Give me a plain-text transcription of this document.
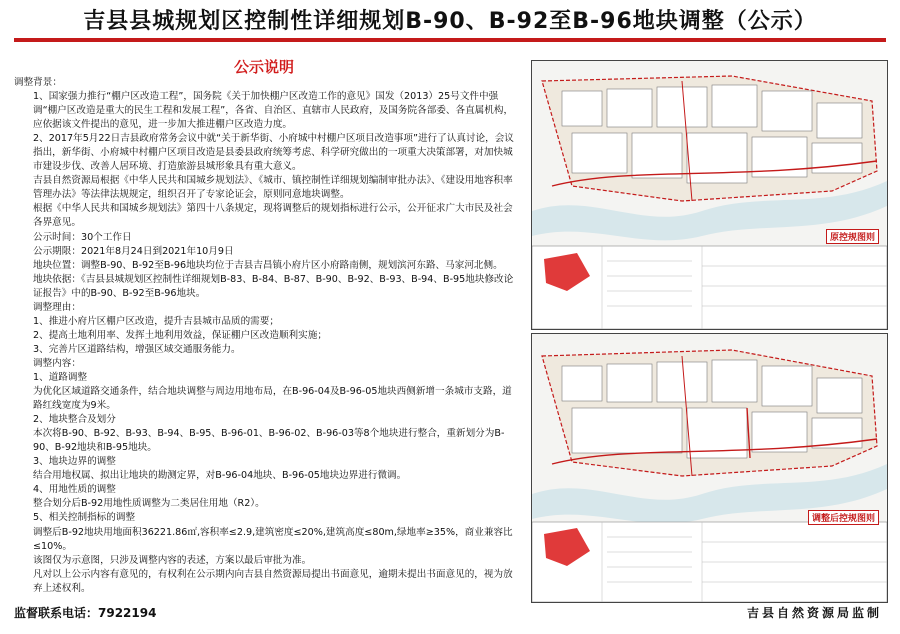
吉县县城规划区控制性详细规划B-90、B-92至B-96地块调整（公示）
公示说明
调整背景：
1、国家强力推行“棚户区改造工程”，国务院《关于加快棚户区改造工作的意见》国发（2013）25号文件中强调“棚户区改造是重大的民生工程和发展工程”，各省、自治区、直辖市人民政府，及国务院各部委、各直属机构，应依据该文件提出的意见，进一步加大推进棚户区改造力度。
2、2017年5月22日吉县政府常务会议中就“关于新华街、小府城中村棚户区项目改造事项”进行了认真讨论，会议指出，新华街、小府城中村棚户区项目改造是县委县政府统筹考虑、科学研究做出的一项重大决策部署，对加快城市建设步伐、改善人居环境、打造旅游县城形象具有重大意义。
吉县自然资源局根据《中华人民共和国城乡规划法》、《城市、镇控制性详细规划编制审批办法》、《建设用地容积率管理办法》等法律法规规定，组织召开了专家论证会，原则同意地块调整。
根据《中华人民共和国城乡规划法》第四十八条规定，现将调整后的规划指标进行公示，公开征求广大市民及社会各界意见。
公示时间：30个工作日
公示期限：2021年8月24日到2021年10月9日
地块位置：调整B-90、B-92至B-96地块均位于吉县吉昌镇小府片区小府路南侧，规划滨河东路、马家河北侧。
地块依据：《吉县县城规划区控制性详细规划B-83、B-84、B-87、B-90、B-92、B-93、B-94、B-95地块修改论证报告》中的B-90、B-92至B-96地块。
调整理由：
1、推进小府片区棚户区改造，提升吉县城市品质的需要；
2、提高土地利用率、发挥土地利用效益，保证棚户区改造顺利实施；
3、完善片区道路结构，增强区域交通服务能力。
调整内容：
1、道路调整
为优化区域道路交通条件，结合地块调整与周边用地布局，在B-96-04及B-96-05地块西侧新增一条城市支路，道路红线宽度为9米。
2、地块整合及划分
本次将B-90、B-92、B-93、B-94、B-95、B-96-01、B-96-02、B-96-03等8个地块进行整合，重新划分为B-90、B-92地块和B-95地块。
3、地块边界的调整
结合用地权属、拟出让地块的勘测定界，对B-96-04地块、B-96-05地块边界进行微调。
4、用地性质的调整
整合划分后B-92用地性质调整为二类居住用地（R2）。
5、相关控制指标的调整
调整后B-92地块用地面积36221.86㎡,容积率≤2.9,建筑密度≤20%,建筑高度≤80m,绿地率≥35%，商业兼容比≤10%。
该图仅为示意图，只涉及调整内容的表述，方案以最后审批为准。
凡对以上公示内容有意见的，有权利在公示期内向吉县自然资源局提出书面意见，逾期未提出书面意见的，视为放弃上述权利。
原控规图则
调整后控规图则
监督联系电话：7922194	吉县自然资源局监制
